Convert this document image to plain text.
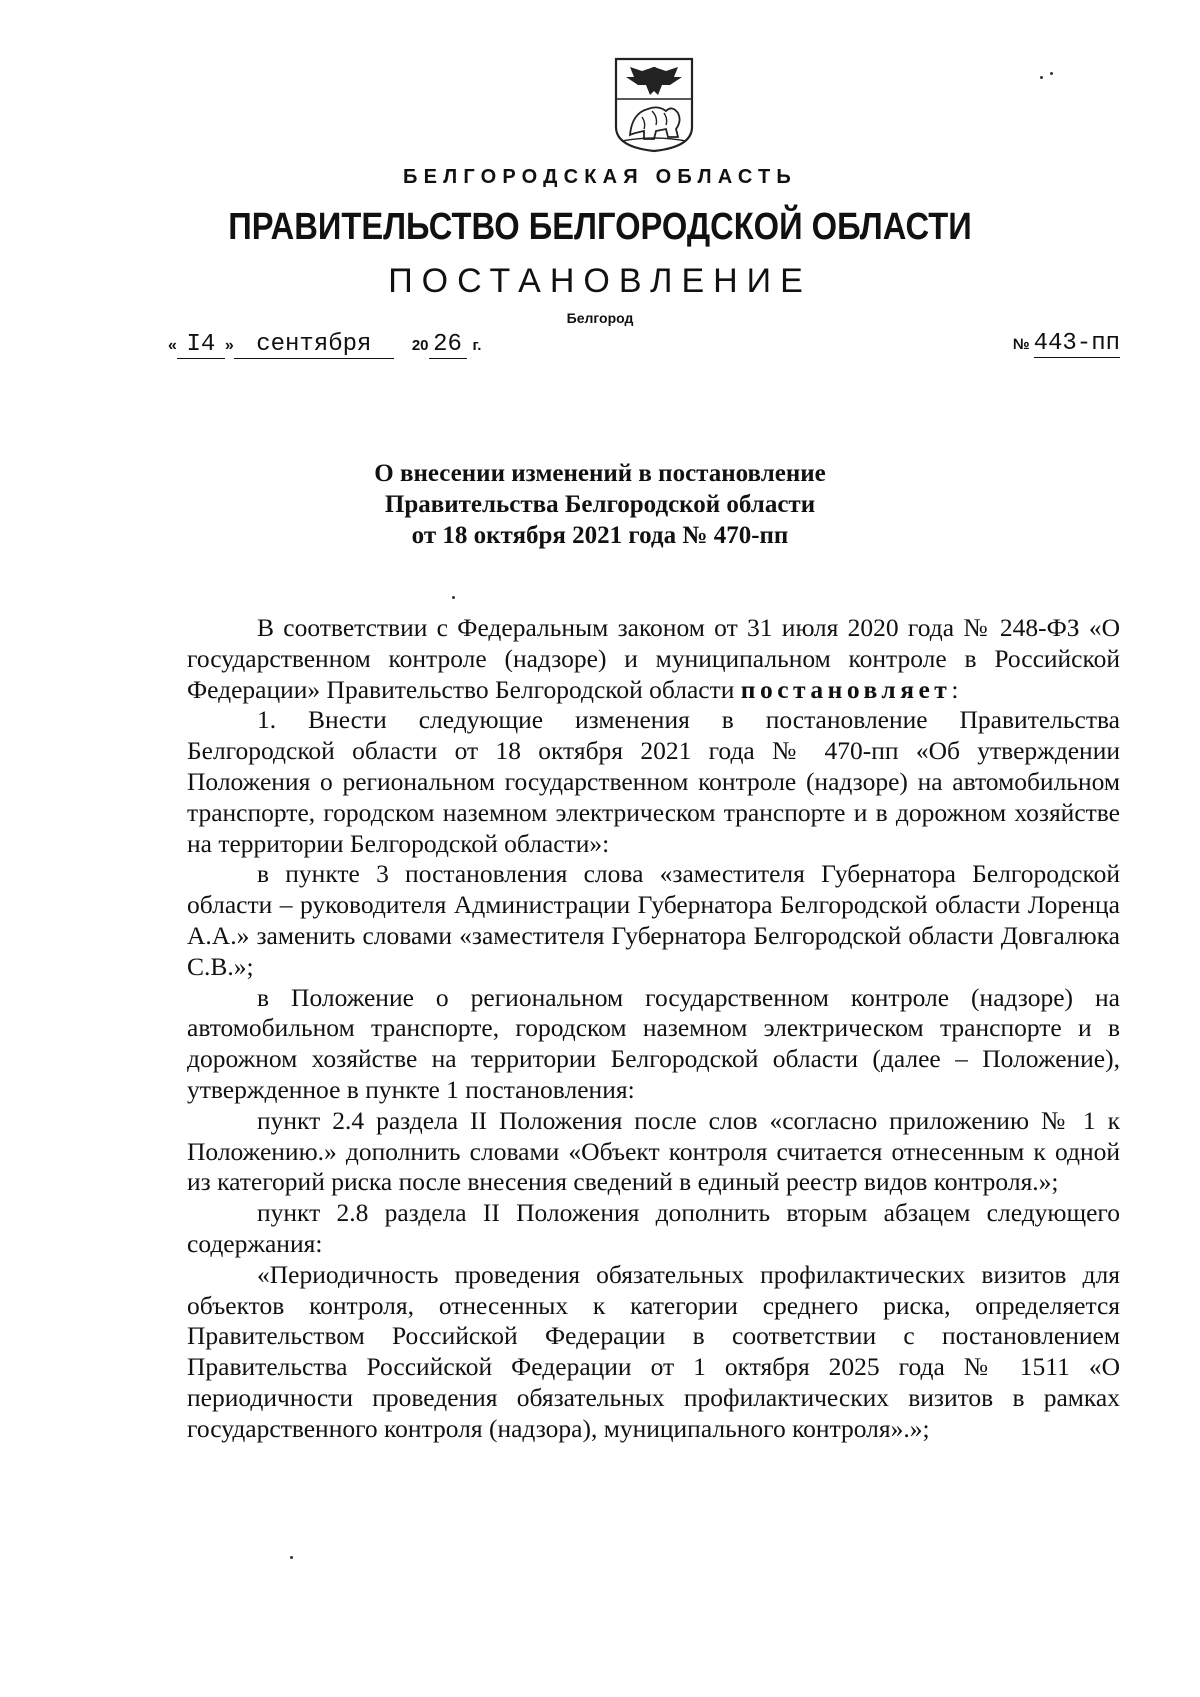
БЕЛГОРОДСКАЯ ОБЛАСТЬ
ПРАВИТЕЛЬСТВО БЕЛГОРОДСКОЙ ОБЛАСТИ
ПОСТАНОВЛЕНИЕ
Белгород
« I4 » сентября	20 26 г.	№ 443-пп
О внесении изменений в постановление
Правительства Белгородской области
от 18 октября 2021 года № 470-пп

В соответствии с Федеральным законом от 31 июля 2020 года № 248-ФЗ «О государственном контроле (надзоре) и муниципальном контроле в Российской Федерации» Правительство Белгородской области постановляет:

1. Внести следующие изменения в постановление Правительства Белгородской области от 18 октября 2021 года № 470-пп «Об утверждении Положения о региональном государственном контроле (надзоре) на автомобильном транспорте, городском наземном электрическом транспорте и в дорожном хозяйстве на территории Белгородской области»:

в пункте 3 постановления слова «заместителя Губернатора Белгородской области – руководителя Администрации Губернатора Белгородской области Лоренца А.А.» заменить словами «заместителя Губернатора Белгородской области Довгалюка С.В.»;

в Положение о региональном государственном контроле (надзоре) на автомобильном транспорте, городском наземном электрическом транспорте и в дорожном хозяйстве на территории Белгородской области (далее – Положение), утвержденное в пункте 1 постановления:

пункт 2.4 раздела II Положения после слов «согласно приложению № 1 к Положению.» дополнить словами «Объект контроля считается отнесенным к одной из категорий риска после внесения сведений в единый реестр видов контроля.»;

пункт 2.8 раздела II Положения дополнить вторым абзацем следующего содержания:

«Периодичность проведения обязательных профилактических визитов для объектов контроля, отнесенных к категории среднего риска, определяется Правительством Российской Федерации в соответствии с постановлением Правительства Российской Федерации от 1 октября 2025 года № 1511 «О периодичности проведения обязательных профилактических визитов в рамках государственного контроля (надзора), муниципального контроля».»;
